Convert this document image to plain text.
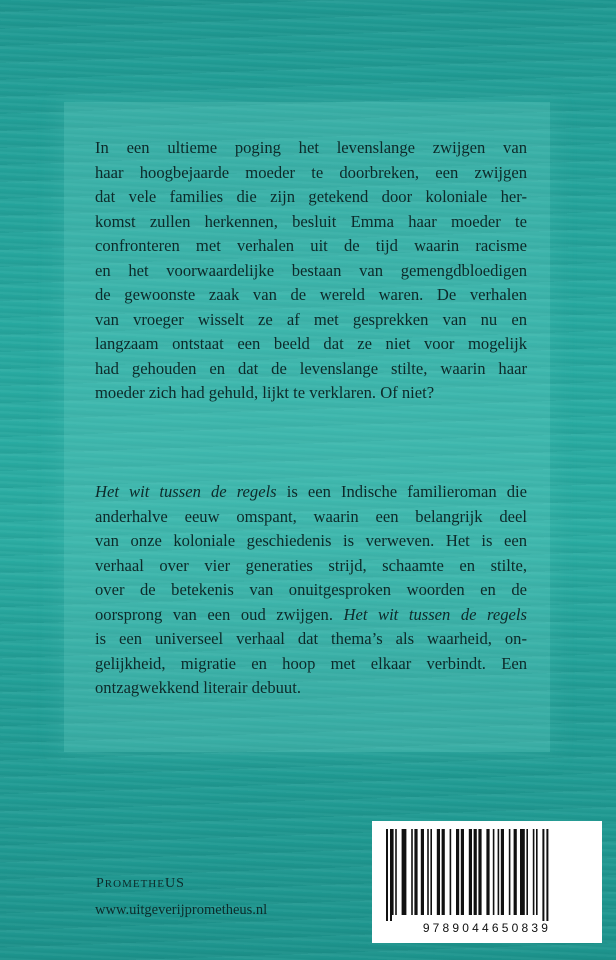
In een ultieme poging het levenslange zwijgen van
haar hoogbejaarde moeder te doorbreken, een zwijgen
dat vele families die zijn getekend door koloniale her-
komst zullen herkennen, besluit Emma haar moeder te
confronteren met verhalen uit de tijd waarin racisme
en het voorwaardelijke bestaan van gemengdbloedigen
de gewoonste zaak van de wereld waren. De verhalen
van vroeger wisselt ze af met gesprekken van nu en
langzaam ontstaat een beeld dat ze niet voor mogelijk
had gehouden en dat de levenslange stilte, waarin haar
moeder zich had gehuld, lijkt te verklaren. Of niet?
Het wit tussen de regels is een Indische familieroman die
anderhalve eeuw omspant, waarin een belangrijk deel
van onze koloniale geschiedenis is verweven. Het is een
verhaal over vier generaties strijd, schaamte en stilte,
over de betekenis van onuitgesproken woorden en de
oorsprong van een oud zwijgen. Het wit tussen de regels
is een universeel verhaal dat thema’s als waarheid, on-
gelijkheid, migratie en hoop met elkaar verbindt. Een
ontzagwekkend literair debuut.
9789044650839
PROMETHEUS
www.uitgeverijprometheus.nl
